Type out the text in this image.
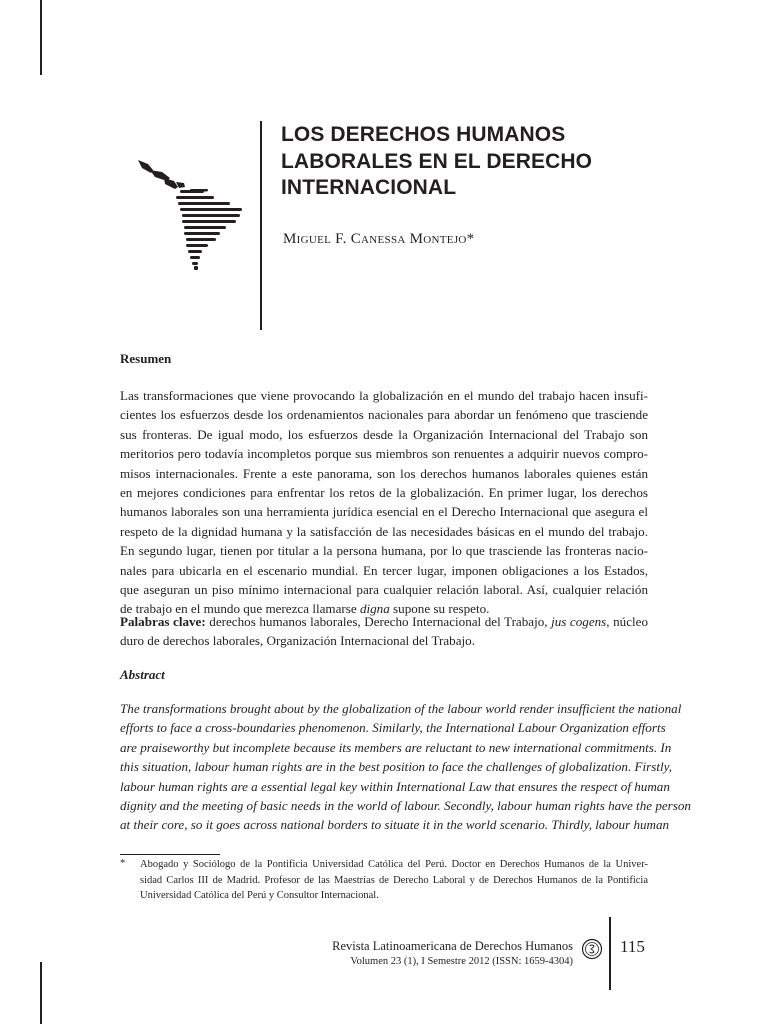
LOS DERECHOS HUMANOS
LABORALES EN EL DERECHO
INTERNACIONAL
Miguel F. Canessa Montejo*
Resumen

Las transformaciones que viene provocando la globalización en el mundo del trabajo hacen insufi-
cientes los esfuerzos desde los ordenamientos nacionales para abordar un fenómeno que trasciende
sus fronteras. De igual modo, los esfuerzos desde la Organización Internacional del Trabajo son
meritorios pero todavía incompletos porque sus miembros son renuentes a adquirir nuevos compro-
misos internacionales. Frente a este panorama, son los derechos humanos laborales quienes están
en mejores condiciones para enfrentar los retos de la globalización. En primer lugar, los derechos
humanos laborales son una herramienta jurídica esencial en el Derecho Internacional que asegura el
respeto de la dignidad humana y la satisfacción de las necesidades básicas en el mundo del trabajo.
En segundo lugar, tienen por titular a la persona humana, por lo que trasciende las fronteras nacio-
nales para ubicarla en el escenario mundial. En tercer lugar, imponen obligaciones a los Estados,
que aseguran un piso mínimo internacional para cualquier relación laboral. Así, cualquier relación
de trabajo en el mundo que merezca llamarse digna supone su respeto.

Palabras clave: derechos humanos laborales, Derecho Internacional del Trabajo, jus cogens, núcleo
duro de derechos laborales, Organización Internacional del Trabajo.

Abstract

The transformations brought about by the globalization of the labour world render insufficient the national
efforts to face a cross-boundaries phenomenon. Similarly, the International Labour Organization efforts
are praiseworthy but incomplete because its members are reluctant to new international commitments. In
this situation, labour human rights are in the best position to face the challenges of globalization. Firstly,
labour human rights are a essential legal key within International Law that ensures the respect of human
dignity and the meeting of basic needs in the world of labour. Secondly, labour human rights have the person
at their core, so it goes across national borders to situate it in the world scenario. Thirdly, labour human

* Abogado y Sociólogo de la Pontificia Universidad Católica del Perú. Doctor en Derechos Humanos de la Univer-
sidad Carlos III de Madrid. Profesor de las Maestrías de Derecho Laboral y de Derechos Humanos de la Pontificia
Universidad Católica del Perú y Consultor Internacional.

Revista Latinoamericana de Derechos Humanos
Volumen 23 (1), I Semestre 2012 (ISSN: 1659-4304)
115
